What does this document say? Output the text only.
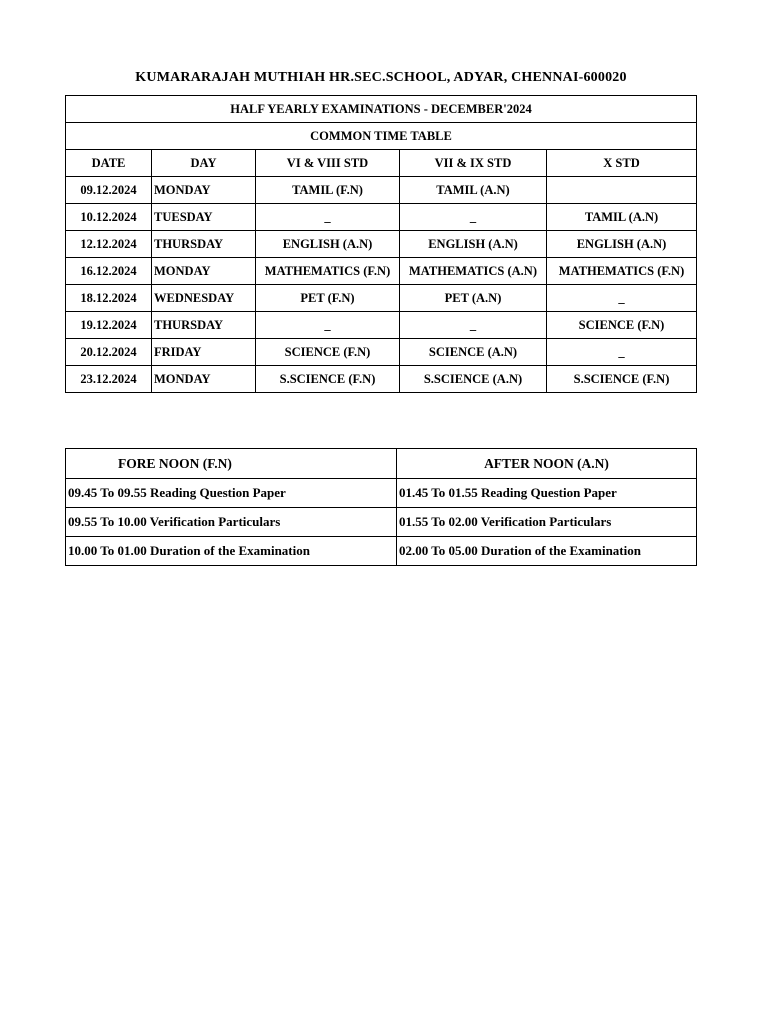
KUMARARAJAH MUTHIAH HR.SEC.SCHOOL, ADYAR, CHENNAI-600020
HALF YEARLY EXAMINATIONS - DECEMBER'2024				
COMMON TIME TABLE				
DATE	DAY	VI & VIII STD	VII & IX STD	X STD
09.12.2024	MONDAY	TAMIL (F.N)	TAMIL (A.N)	
10.12.2024	TUESDAY	_	_	TAMIL (A.N)
12.12.2024	THURSDAY	ENGLISH (A.N)	ENGLISH (A.N)	ENGLISH (A.N)
16.12.2024	MONDAY	MATHEMATICS (F.N)	MATHEMATICS (A.N)	MATHEMATICS (F.N)
18.12.2024	WEDNESDAY	PET (F.N)	PET (A.N)	_
19.12.2024	THURSDAY	_	_	SCIENCE (F.N)
20.12.2024	FRIDAY	SCIENCE (F.N)	SCIENCE (A.N)	_
23.12.2024	MONDAY	S.SCIENCE (F.N)	S.SCIENCE (A.N)	S.SCIENCE (F.N)
FORE NOON (F.N)	AFTER NOON (A.N)
09.45 To 09.55 Reading Question Paper	01.45 To 01.55 Reading Question Paper
09.55 To 10.00 Verification Particulars	01.55 To 02.00 Verification Particulars
10.00 To 01.00 Duration of the Examination	02.00 To 05.00 Duration of the Examination
